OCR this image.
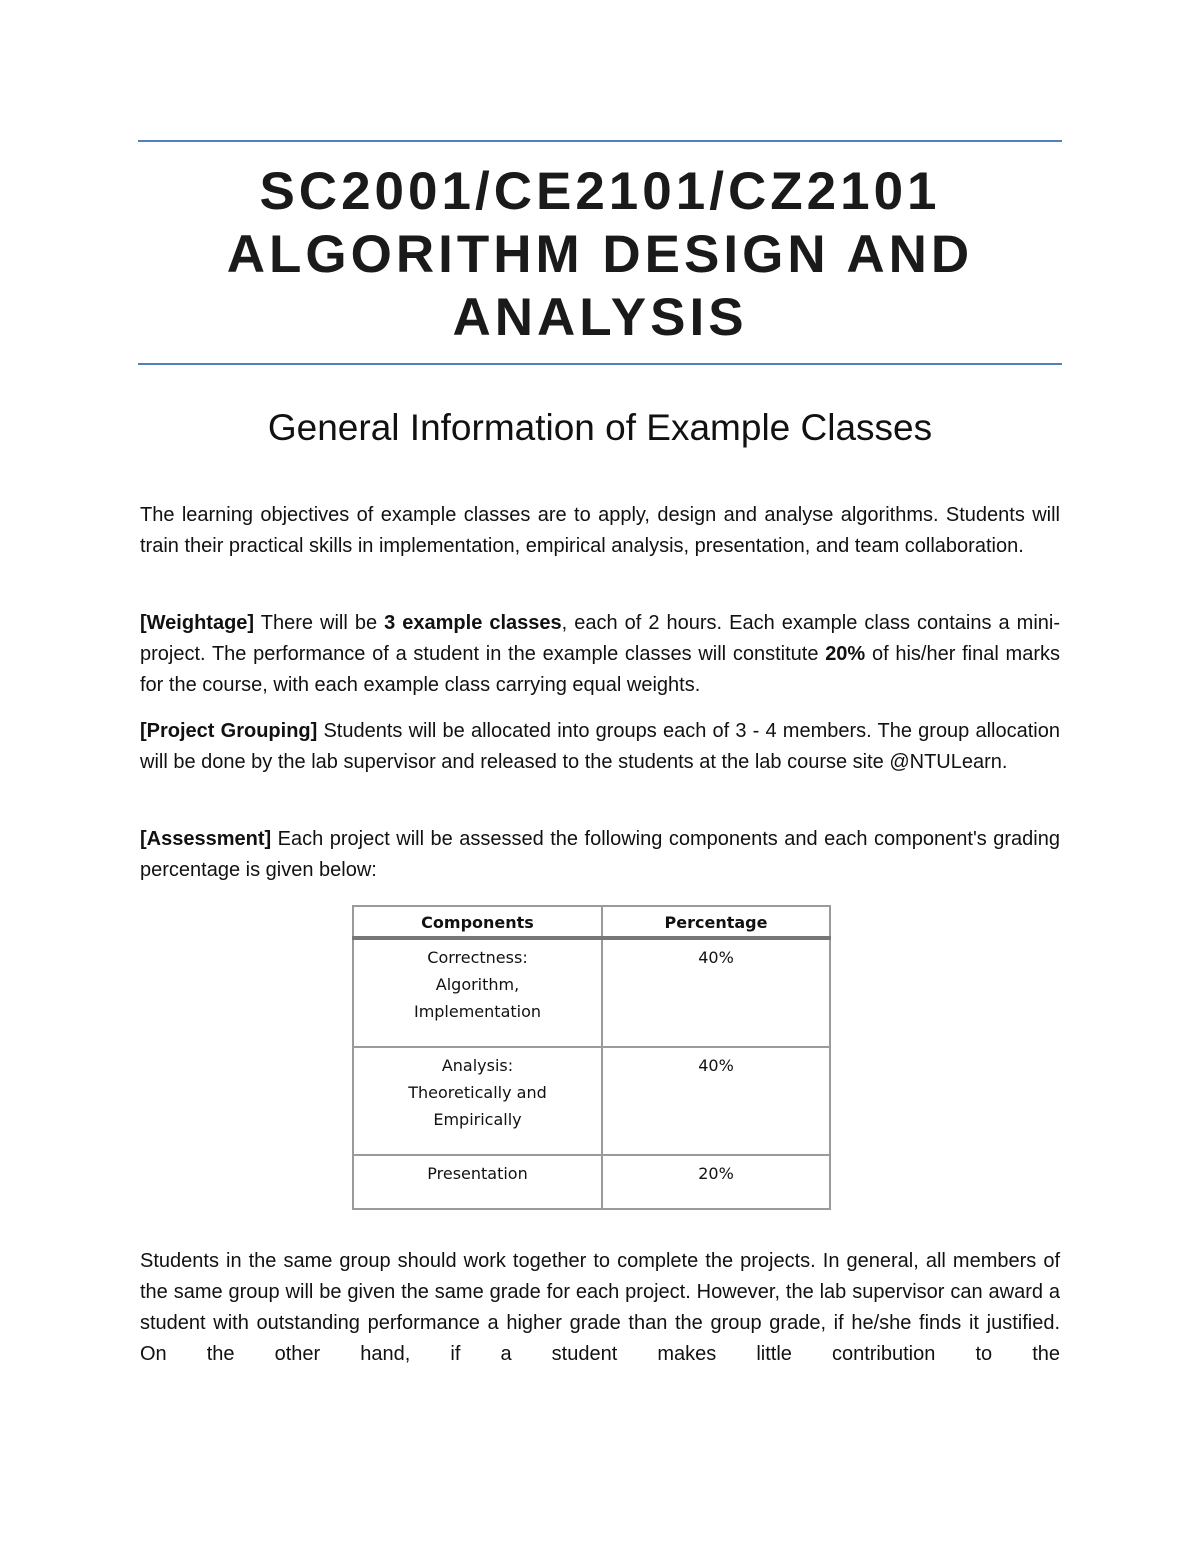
SC2001/CE2101/CZ2101
ALGORITHM DESIGN AND
ANALYSIS
General Information of Example Classes

The learning objectives of example classes are to apply, design and analyse algorithms. Students will train their practical skills in implementation, empirical analysis, presentation, and team collaboration.

[Weightage] There will be 3 example classes, each of 2 hours. Each example class contains a mini-project. The performance of a student in the example classes will constitute 20% of his/her final marks for the course, with each example class carrying equal weights.

[Project Grouping] Students will be allocated into groups each of 3 - 4 members. The group allocation will be done by the lab supervisor and released to the students at the lab course site @NTULearn.

[Assessment] Each project will be assessed the following components and each component's grading percentage is given below:

Components	Percentage

Correctness:
Algorithm,
Implementation	40%

Analysis:
Theoretically and
Empirically	40%

Presentation	20%

Students in the same group should work together to complete the projects. In general, all members of the same group will be given the same grade for each project. However, the lab supervisor can award a student with outstanding performance a higher grade than the group grade, if he/she finds it justified. On the other hand, if a student makes little contribution to the
